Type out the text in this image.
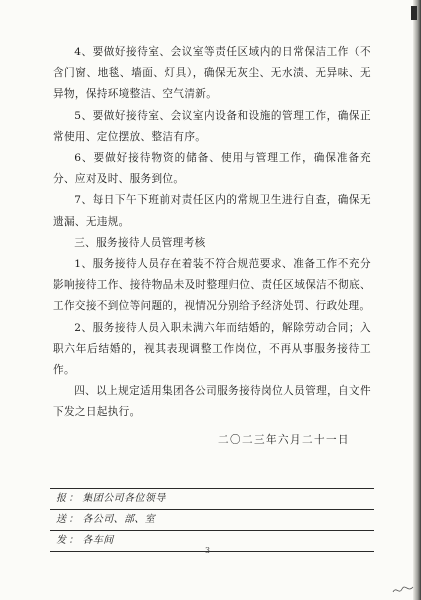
4、要做好接待室、会议室等责任区域内的日常保洁工作（不含门窗、地毯、墙面、灯具），确保无灰尘、无水渍、无异味、无异物，保持环境整洁、空气清新。

5、要做好接待室、会议室内设备和设施的管理工作，确保正常使用、定位摆放、整洁有序。

6、要做好接待物资的储备、使用与管理工作，确保准备充分、应对及时、服务到位。

7、每日下午下班前对责任区内的常规卫生进行自查，确保无遗漏、无违规。

三、服务接待人员管理考核

1、服务接待人员存在着装不符合规范要求、准备工作不充分影响接待工作、接待物品未及时整理归位、责任区域保洁不彻底、工作交接不到位等问题的，视情况分别给予经济处罚、行政处理。

2、服务接待人员入职未满六年而结婚的，解除劳动合同；入职六年后结婚的，视其表现调整工作岗位，不再从事服务接待工作。

四、以上规定适用集团各公司服务接待岗位人员管理，自文件下发之日起执行。

二〇二三年六月二十一日
报 ： 集团公司各位领导
送 ： 各公司、部、室
发 ： 各车间
3
